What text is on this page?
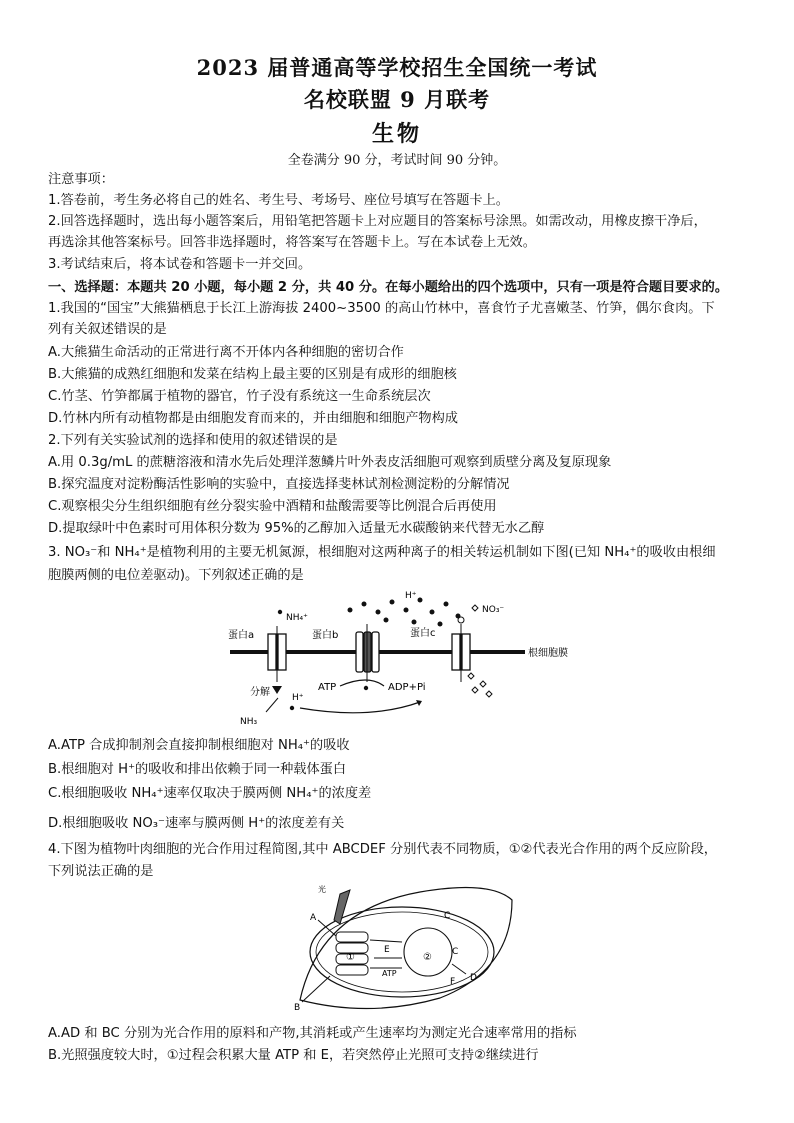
2023 届普通高等学校招生全国统一考试
名校联盟 9 月联考
生物
全卷满分 90 分，考试时间 90 分钟。
注意事项：
1.答卷前，考生务必将自己的姓名、考生号、考场号、座位号填写在答题卡上。
2.回答选择题时，选出每小题答案后，用铅笔把答题卡上对应题目的答案标号涂黑。如需改动，用橡皮擦干净后，
再选涂其他答案标号。回答非选择题时，将答案写在答题卡上。写在本试卷上无效。
3.考试结束后，将本试卷和答题卡一并交回。
一、选择题：本题共 20 小题，每小题 2 分，共 40 分。在每小题给出的四个选项中，只有一项是符合题目要求的。
1.我国的“国宝”大熊猫栖息于长江上游海拔 2400~3500 的高山竹林中，喜食竹子尤喜嫩茎、竹笋，偶尔食肉。下
列有关叙述错误的是
A.大熊猫生命活动的正常进行离不开体内各种细胞的密切合作
B.大熊猫的成熟红细胞和发菜在结构上最主要的区别是有成形的细胞核
C.竹茎、竹笋都属于植物的器官，竹子没有系统这一生命系统层次
D.竹林内所有动植物都是由细胞发育而来的，并由细胞和细胞产物构成
2.下列有关实验试剂的选择和使用的叙述错误的是
A.用 0.3g/mL 的蔗糖溶液和清水先后处理洋葱鳞片叶外表皮活细胞可观察到质壁分离及复原现象
B.探究温度对淀粉酶活性影响的实验中，直接选择斐林试剂检测淀粉的分解情况
C.观察根尖分生组织细胞有丝分裂实验中酒精和盐酸需要等比例混合后再使用
D.提取绿叶中色素时可用体积分数为 95%的乙醇加入适量无水碳酸钠来代替无水乙醇
3. NO₃⁻和 NH₄⁺是植物利用的主要无机氮源，根细胞对这两种离子的相关转运机制如下图(已知 NH₄⁺的吸收由根细
胞膜两侧的电位差驱动)。下列叙述正确的是
根细胞膜
蛋白a
NH₄⁺
蛋白b
H⁺
蛋白c
NO₃⁻
分解 H⁺
NH₃
ATP	ADP+Pi
A.ATP 合成抑制剂会直接抑制根细胞对 NH₄⁺的吸收
B.根细胞对 H⁺的吸收和排出依赖于同一种载体蛋白
C.根细胞吸收 NH₄⁺速率仅取决于膜两侧 NH₄⁺的浓度差
D.根细胞吸收 NO₃⁻速率与膜两侧 H⁺的浓度差有关
4.下图为植物叶肉细胞的光合作用过程简图,其中 ABCDEF 分别代表不同物质，①②代表光合作用的两个反应阶段，
下列说法正确的是
①	②
E
ATP
光
A
B
C
C
F D
A.AD 和 BC 分别为光合作用的原料和产物,其消耗或产生速率均为测定光合速率常用的指标
B.光照强度较大时，①过程会积累大量 ATP 和 E，若突然停止光照可支持②继续进行
